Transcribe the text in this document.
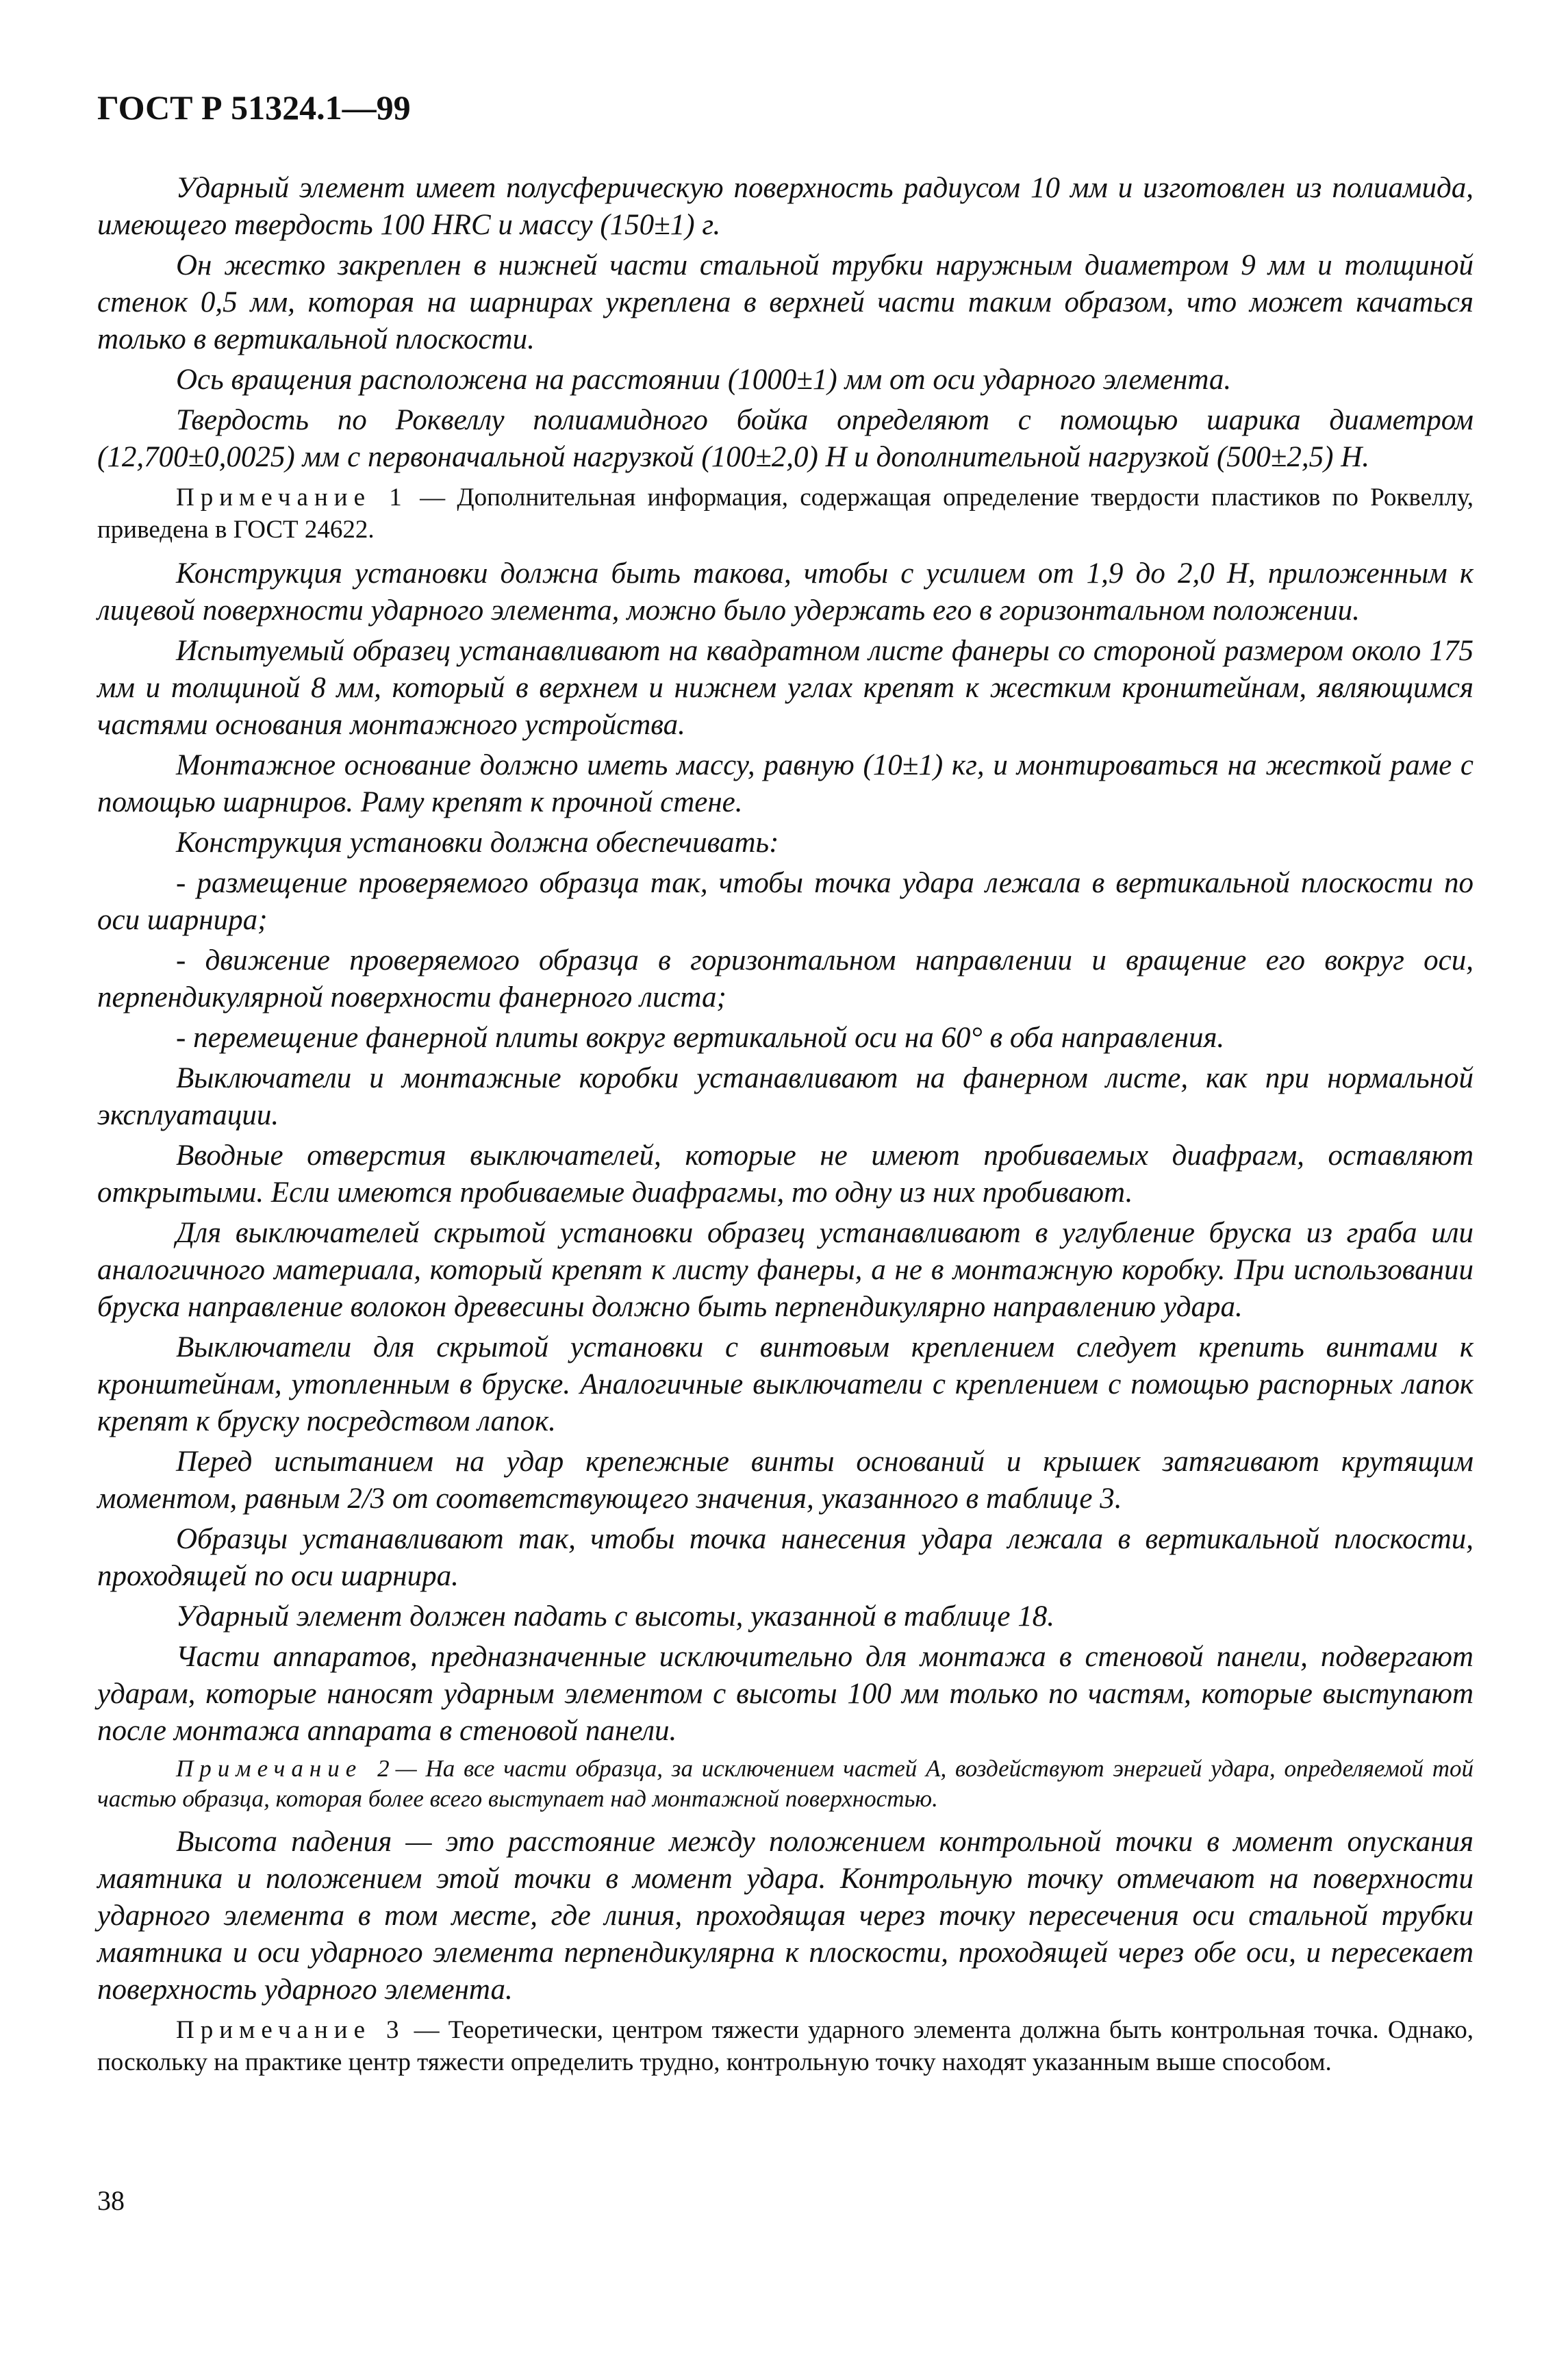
ГОСТ Р 51324.1—99

Ударный элемент имеет полусферическую поверхность радиусом 10 мм и изготовлен из полиамида, имеющего твердость 100 HRC и массу (150±1) г.

Он жестко закреплен в нижней части стальной трубки наружным диаметром 9 мм и толщиной стенок 0,5 мм, которая на шарнирах укреплена в верхней части таким образом, что может качаться только в вертикальной плоскости.

Ось вращения расположена на расстоянии (1000±1) мм от оси ударного элемента.

Твердость по Роквеллу полиамидного бойка определяют с помощью шарика диаметром (12,700±0,0025) мм с первоначальной нагрузкой (100±2,0) Н и дополнительной нагрузкой (500±2,5) Н.

Примечание 1 — Дополнительная информация, содержащая определение твердости пластиков по Роквеллу, приведена в ГОСТ 24622.

Конструкция установки должна быть такова, чтобы с усилием от 1,9 до 2,0 Н, приложенным к лицевой поверхности ударного элемента, можно было удержать его в горизонтальном положении.

Испытуемый образец устанавливают на квадратном листе фанеры со стороной размером около 175 мм и толщиной 8 мм, который в верхнем и нижнем углах крепят к жестким кронштейнам, являющимся частями основания монтажного устройства.

Монтажное основание должно иметь массу, равную (10±1) кг, и монтироваться на жесткой раме с помощью шарниров. Раму крепят к прочной стене.

Конструкция установки должна обеспечивать:

- размещение проверяемого образца так, чтобы точка удара лежала в вертикальной плоскости по оси шарнира;

- движение проверяемого образца в горизонтальном направлении и вращение его вокруг оси, перпендикулярной поверхности фанерного листа;

- перемещение фанерной плиты вокруг вертикальной оси на 60° в оба направления.

Выключатели и монтажные коробки устанавливают на фанерном листе, как при нормальной эксплуатации.

Вводные отверстия выключателей, которые не имеют пробиваемых диафрагм, оставляют открытыми. Если имеются пробиваемые диафрагмы, то одну из них пробивают.

Для выключателей скрытой установки образец устанавливают в углубление бруска из граба или аналогичного материала, который крепят к листу фанеры, а не в монтажную коробку. При использовании бруска направление волокон древесины должно быть перпендикулярно направлению удара.

Выключатели для скрытой установки с винтовым креплением следует крепить винтами к кронштейнам, утопленным в бруске. Аналогичные выключатели с креплением с помощью распорных лапок крепят к бруску посредством лапок.

Перед испытанием на удар крепежные винты оснований и крышек затягивают крутящим моментом, равным 2/3 от соответствующего значения, указанного в таблице 3.

Образцы устанавливают так, чтобы точка нанесения удара лежала в вертикальной плоскости, проходящей по оси шарнира.

Ударный элемент должен падать с высоты, указанной в таблице 18.

Части аппаратов, предназначенные исключительно для монтажа в стеновой панели, подвергают ударам, которые наносят ударным элементом с высоты 100 мм только по частям, которые выступают после монтажа аппарата в стеновой панели.

Примечание 2— На все части образца, за исключением частей А, воздействуют энергией удара, определяемой той частью образца, которая более всего выступает над монтажной поверхностью.

Высота падения — это расстояние между положением контрольной точки в момент опускания маятника и положением этой точки в момент удара. Контрольную точку отмечают на поверхности ударного элемента в том месте, где линия, проходящая через точку пересечения оси стальной трубки маятника и оси ударного элемента перпендикулярна к плоскости, проходящей через обе оси, и пересекает поверхность ударного элемента.

Примечание 3 — Теоретически, центром тяжести ударного элемента должна быть контрольная точка. Однако, поскольку на практике центр тяжести определить трудно, контрольную точку находят указанным выше способом.

38
